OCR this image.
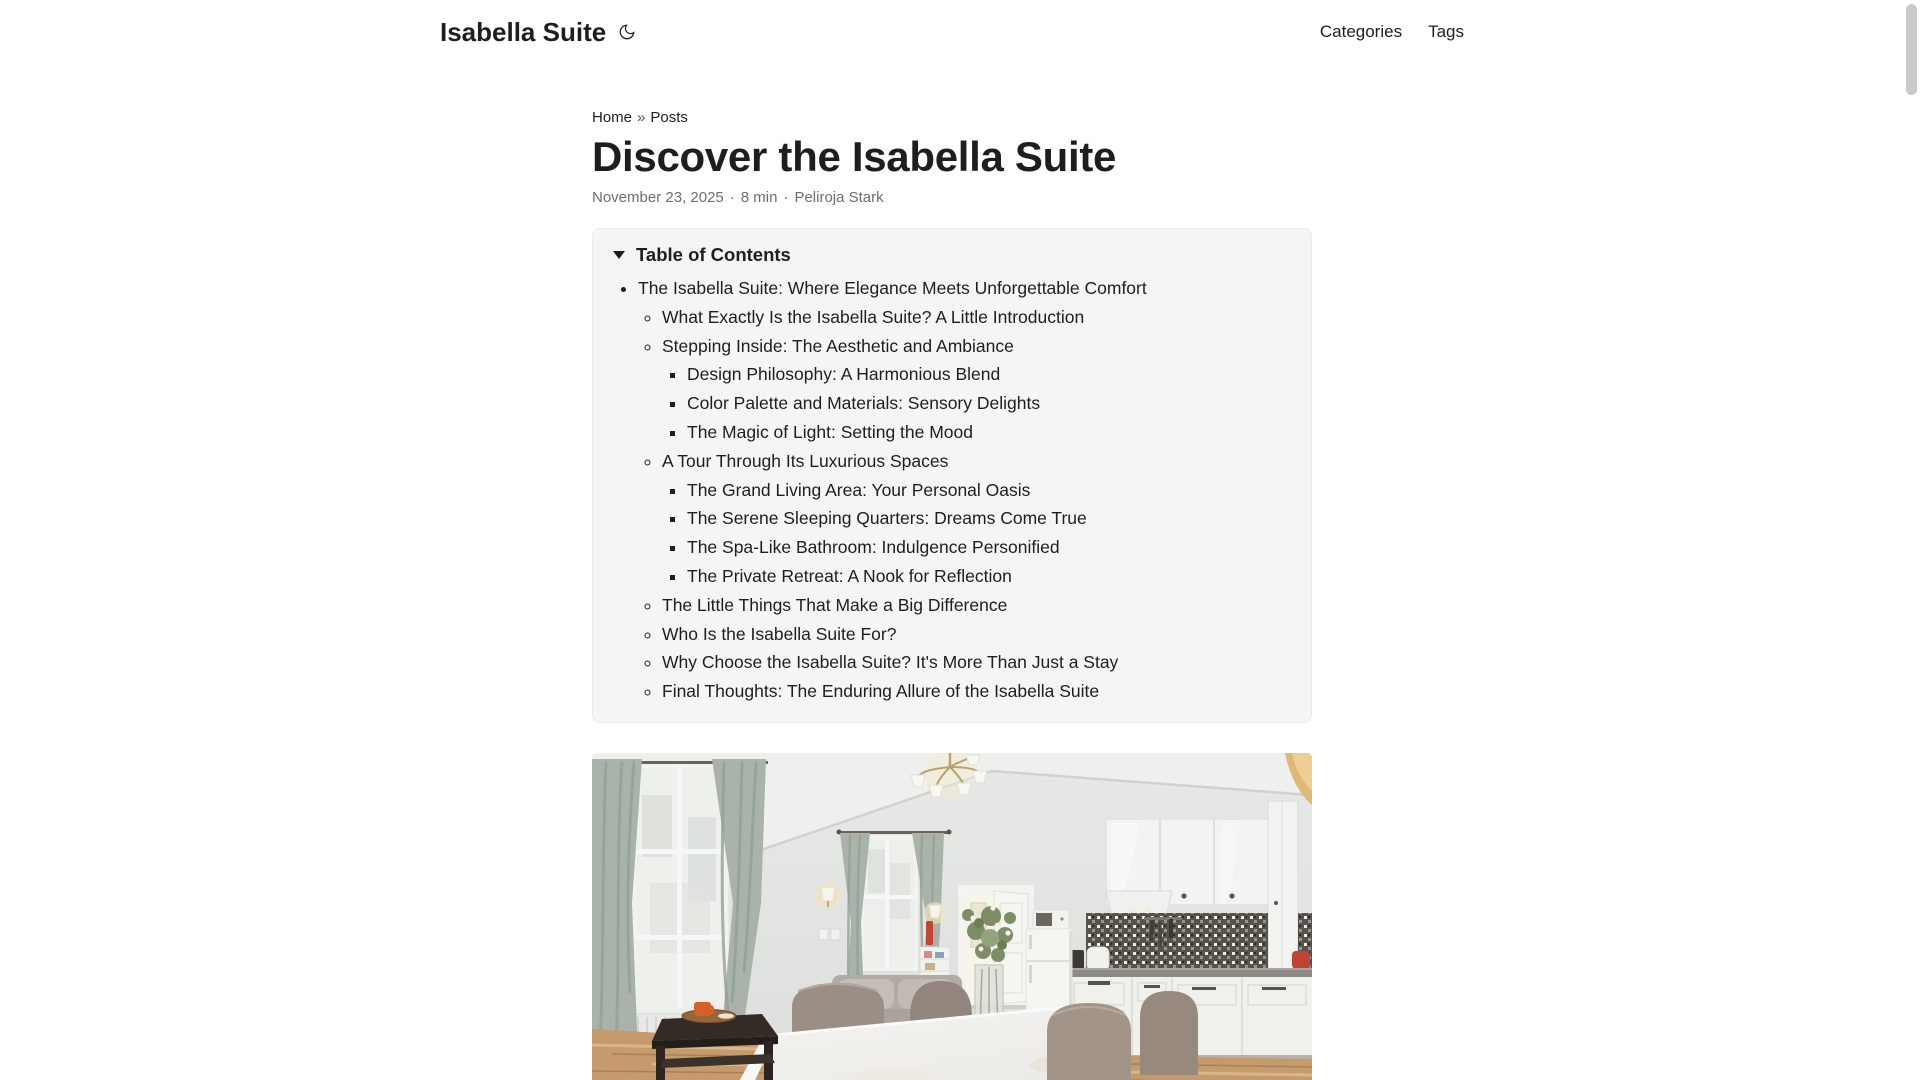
Isabella Suite	Categories Tags
Home » Posts
Discover the Isabella Suite
November 23, 2025 · 8 min · Peliroja Stark
Table of Contents
• The Isabella Suite: Where Elegance Meets Unforgettable Comfort
◦ What Exactly Is the Isabella Suite? A Little Introduction
◦ Stepping Inside: The Aesthetic and Ambiance
▪ Design Philosophy: A Harmonious Blend
▪ Color Palette and Materials: Sensory Delights
▪ The Magic of Light: Setting the Mood
◦ A Tour Through Its Luxurious Spaces
▪ The Grand Living Area: Your Personal Oasis
▪ The Serene Sleeping Quarters: Dreams Come True
▪ The Spa-Like Bathroom: Indulgence Personified
▪ The Private Retreat: A Nook for Reflection
◦ The Little Things That Make a Big Difference
◦ Who Is the Isabella Suite For?
◦ Why Choose the Isabella Suite? It's More Than Just a Stay
◦ Final Thoughts: The Enduring Allure of the Isabella Suite
